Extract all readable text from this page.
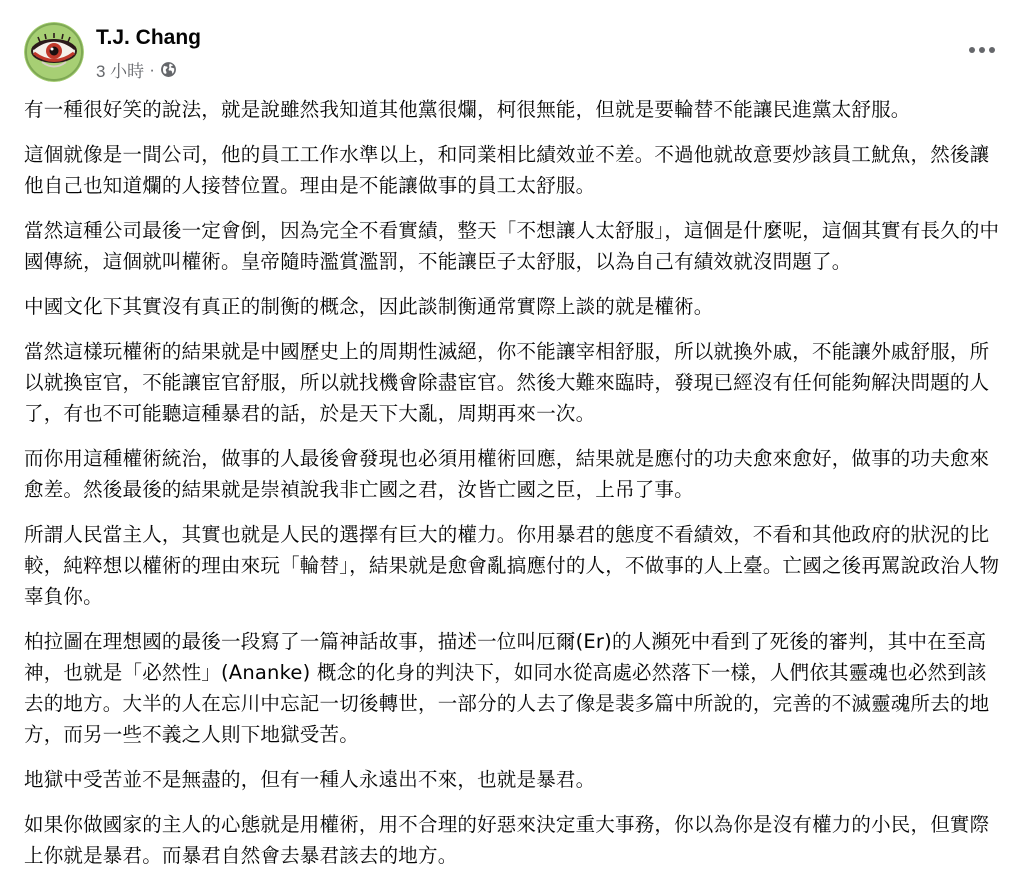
T.J. Chang
3 小時 ·

有一種很好笑的說法，就是說雖然我知道其他黨很爛，柯很無能，但就是要輪替不能讓民進黨太舒服。

這個就像是一間公司，他的員工工作水準以上，和同業相比績效並不差。不過他就故意要炒該員工魷魚，然後讓他自己也知道爛的人接替位置。理由是不能讓做事的員工太舒服。

當然這種公司最後一定會倒，因為完全不看實績，整天「不想讓人太舒服」，這個是什麼呢，這個其實有長久的中國傳統，這個就叫權術。皇帝隨時濫賞濫罰，不能讓臣子太舒服，以為自己有績效就沒問題了。

中國文化下其實沒有真正的制衡的概念，因此談制衡通常實際上談的就是權術。

當然這樣玩權術的結果就是中國歷史上的周期性滅絕，你不能讓宰相舒服，所以就換外戚，不能讓外戚舒服，所以就換宦官，不能讓宦官舒服，所以就找機會除盡宦官。然後大難來臨時，發現已經沒有任何能夠解決問題的人了，有也不可能聽這種暴君的話，於是天下大亂，周期再來一次。

而你用這種權術統治，做事的人最後會發現也必須用權術回應，結果就是應付的功夫愈來愈好，做事的功夫愈來愈差。然後最後的結果就是崇禎說我非亡國之君，汝皆亡國之臣，上吊了事。

所謂人民當主人，其實也就是人民的選擇有巨大的權力。你用暴君的態度不看績效，不看和其他政府的狀況的比較，純粹想以權術的理由來玩「輪替」，結果就是愈會亂搞應付的人，不做事的人上臺。亡國之後再罵說政治人物辜負你。

柏拉圖在理想國的最後一段寫了一篇神話故事，描述一位叫厄爾(Er)的人瀕死中看到了死後的審判，其中在至高神，也就是「必然性」(Ananke) 概念的化身的判決下，如同水從高處必然落下一樣，人們依其靈魂也必然到該去的地方。大半的人在忘川中忘記一切後轉世，一部分的人去了像是裴多篇中所說的，完善的不滅靈魂所去的地方，而另一些不義之人則下地獄受苦。

地獄中受苦並不是無盡的，但有一種人永遠出不來，也就是暴君。

如果你做國家的主人的心態就是用權術，用不合理的好惡來決定重大事務，你以為你是沒有權力的小民，但實際上你就是暴君。而暴君自然會去暴君該去的地方。
